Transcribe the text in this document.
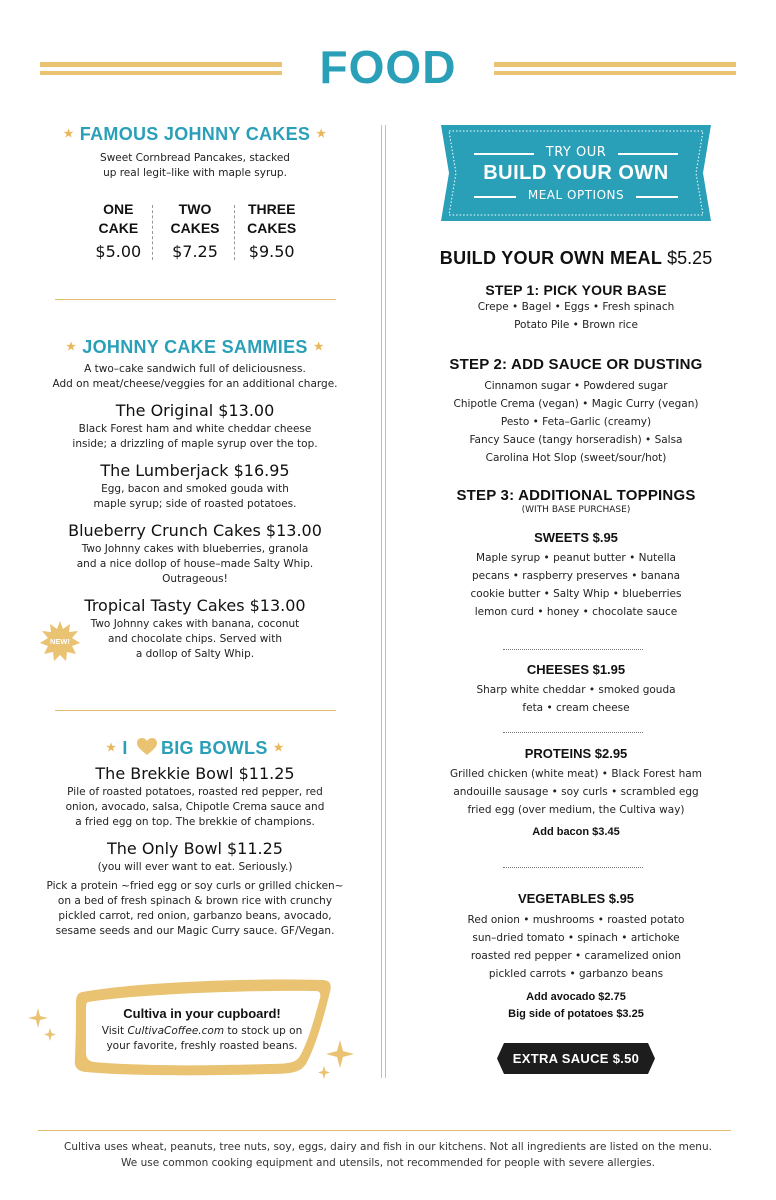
FOOD
★ FAMOUS JOHNNY CAKES ★
Sweet Cornbread Pancakes, stacked
up real legit–like with maple syrup.
ONE
CAKE
$5.00
TWO
CAKES
$7.25
THREE
CAKES
$9.50
★ JOHNNY CAKE SAMMIES ★
A two–cake sandwich full of deliciousness.
Add on meat/cheese/veggies for an additional charge.
The Original $13.00
Black Forest ham and white cheddar cheese
inside; a drizzling of maple syrup over the top.
The Lumberjack $16.95
Egg, bacon and smoked gouda with
maple syrup; side of roasted potatoes.
Blueberry Crunch Cakes $13.00
Two Johnny cakes with blueberries, granola
and a nice dollop of house–made Salty Whip.
Outrageous!
Tropical Tasty Cakes $13.00
Two Johnny cakes with banana, coconut
and chocolate chips. Served with
a dollop of Salty Whip.
NEW!
★ I BIG BOWLS ★
The Brekkie Bowl $11.25
Pile of roasted potatoes, roasted red pepper, red
onion, avocado, salsa, Chipotle Crema sauce and
a fried egg on top. The brekkie of champions.
The Only Bowl $11.25
(you will ever want to eat. Seriously.)
Pick a protein ~fried egg or soy curls or grilled chicken~
on a bed of fresh spinach & brown rice with crunchy
pickled carrot, red onion, garbanzo beans, avocado,
sesame seeds and our Magic Curry sauce. GF/Vegan.
Cultiva in your cupboard!
Visit CultivaCoffee.com to stock up on
your favorite, freshly roasted beans.
TRY OUR
BUILD YOUR OWN
MEAL OPTIONS
BUILD YOUR OWN MEAL $5.25
STEP 1: PICK YOUR BASE
Crepe • Bagel • Eggs • Fresh spinach
Potato Pile • Brown rice
STEP 2: ADD SAUCE OR DUSTING
Cinnamon sugar • Powdered sugar
Chipotle Crema (vegan) • Magic Curry (vegan)
Pesto • Feta–Garlic (creamy)
Fancy Sauce (tangy horseradish) • Salsa
Carolina Hot Slop (sweet/sour/hot)
STEP 3: ADDITIONAL TOPPINGS
(WITH BASE PURCHASE)
SWEETS $.95
Maple syrup • peanut butter • Nutella
pecans • raspberry preserves • banana
cookie butter • Salty Whip • blueberries
lemon curd • honey • chocolate sauce
CHEESES $1.95
Sharp white cheddar • smoked gouda
feta • cream cheese
PROTEINS $2.95
Grilled chicken (white meat) • Black Forest ham
andouille sausage • soy curls • scrambled egg
fried egg (over medium, the Cultiva way)
Add bacon $3.45
VEGETABLES $.95
Red onion • mushrooms • roasted potato
sun–dried tomato • spinach • artichoke
roasted red pepper • caramelized onion
pickled carrots • garbanzo beans
Add avocado $2.75
Big side of potatoes $3.25
EXTRA SAUCE $.50
Cultiva uses wheat, peanuts, tree nuts, soy, eggs, dairy and fish in our kitchens. Not all ingredients are listed on the menu.
We use common cooking equipment and utensils, not recommended for people with severe allergies.
